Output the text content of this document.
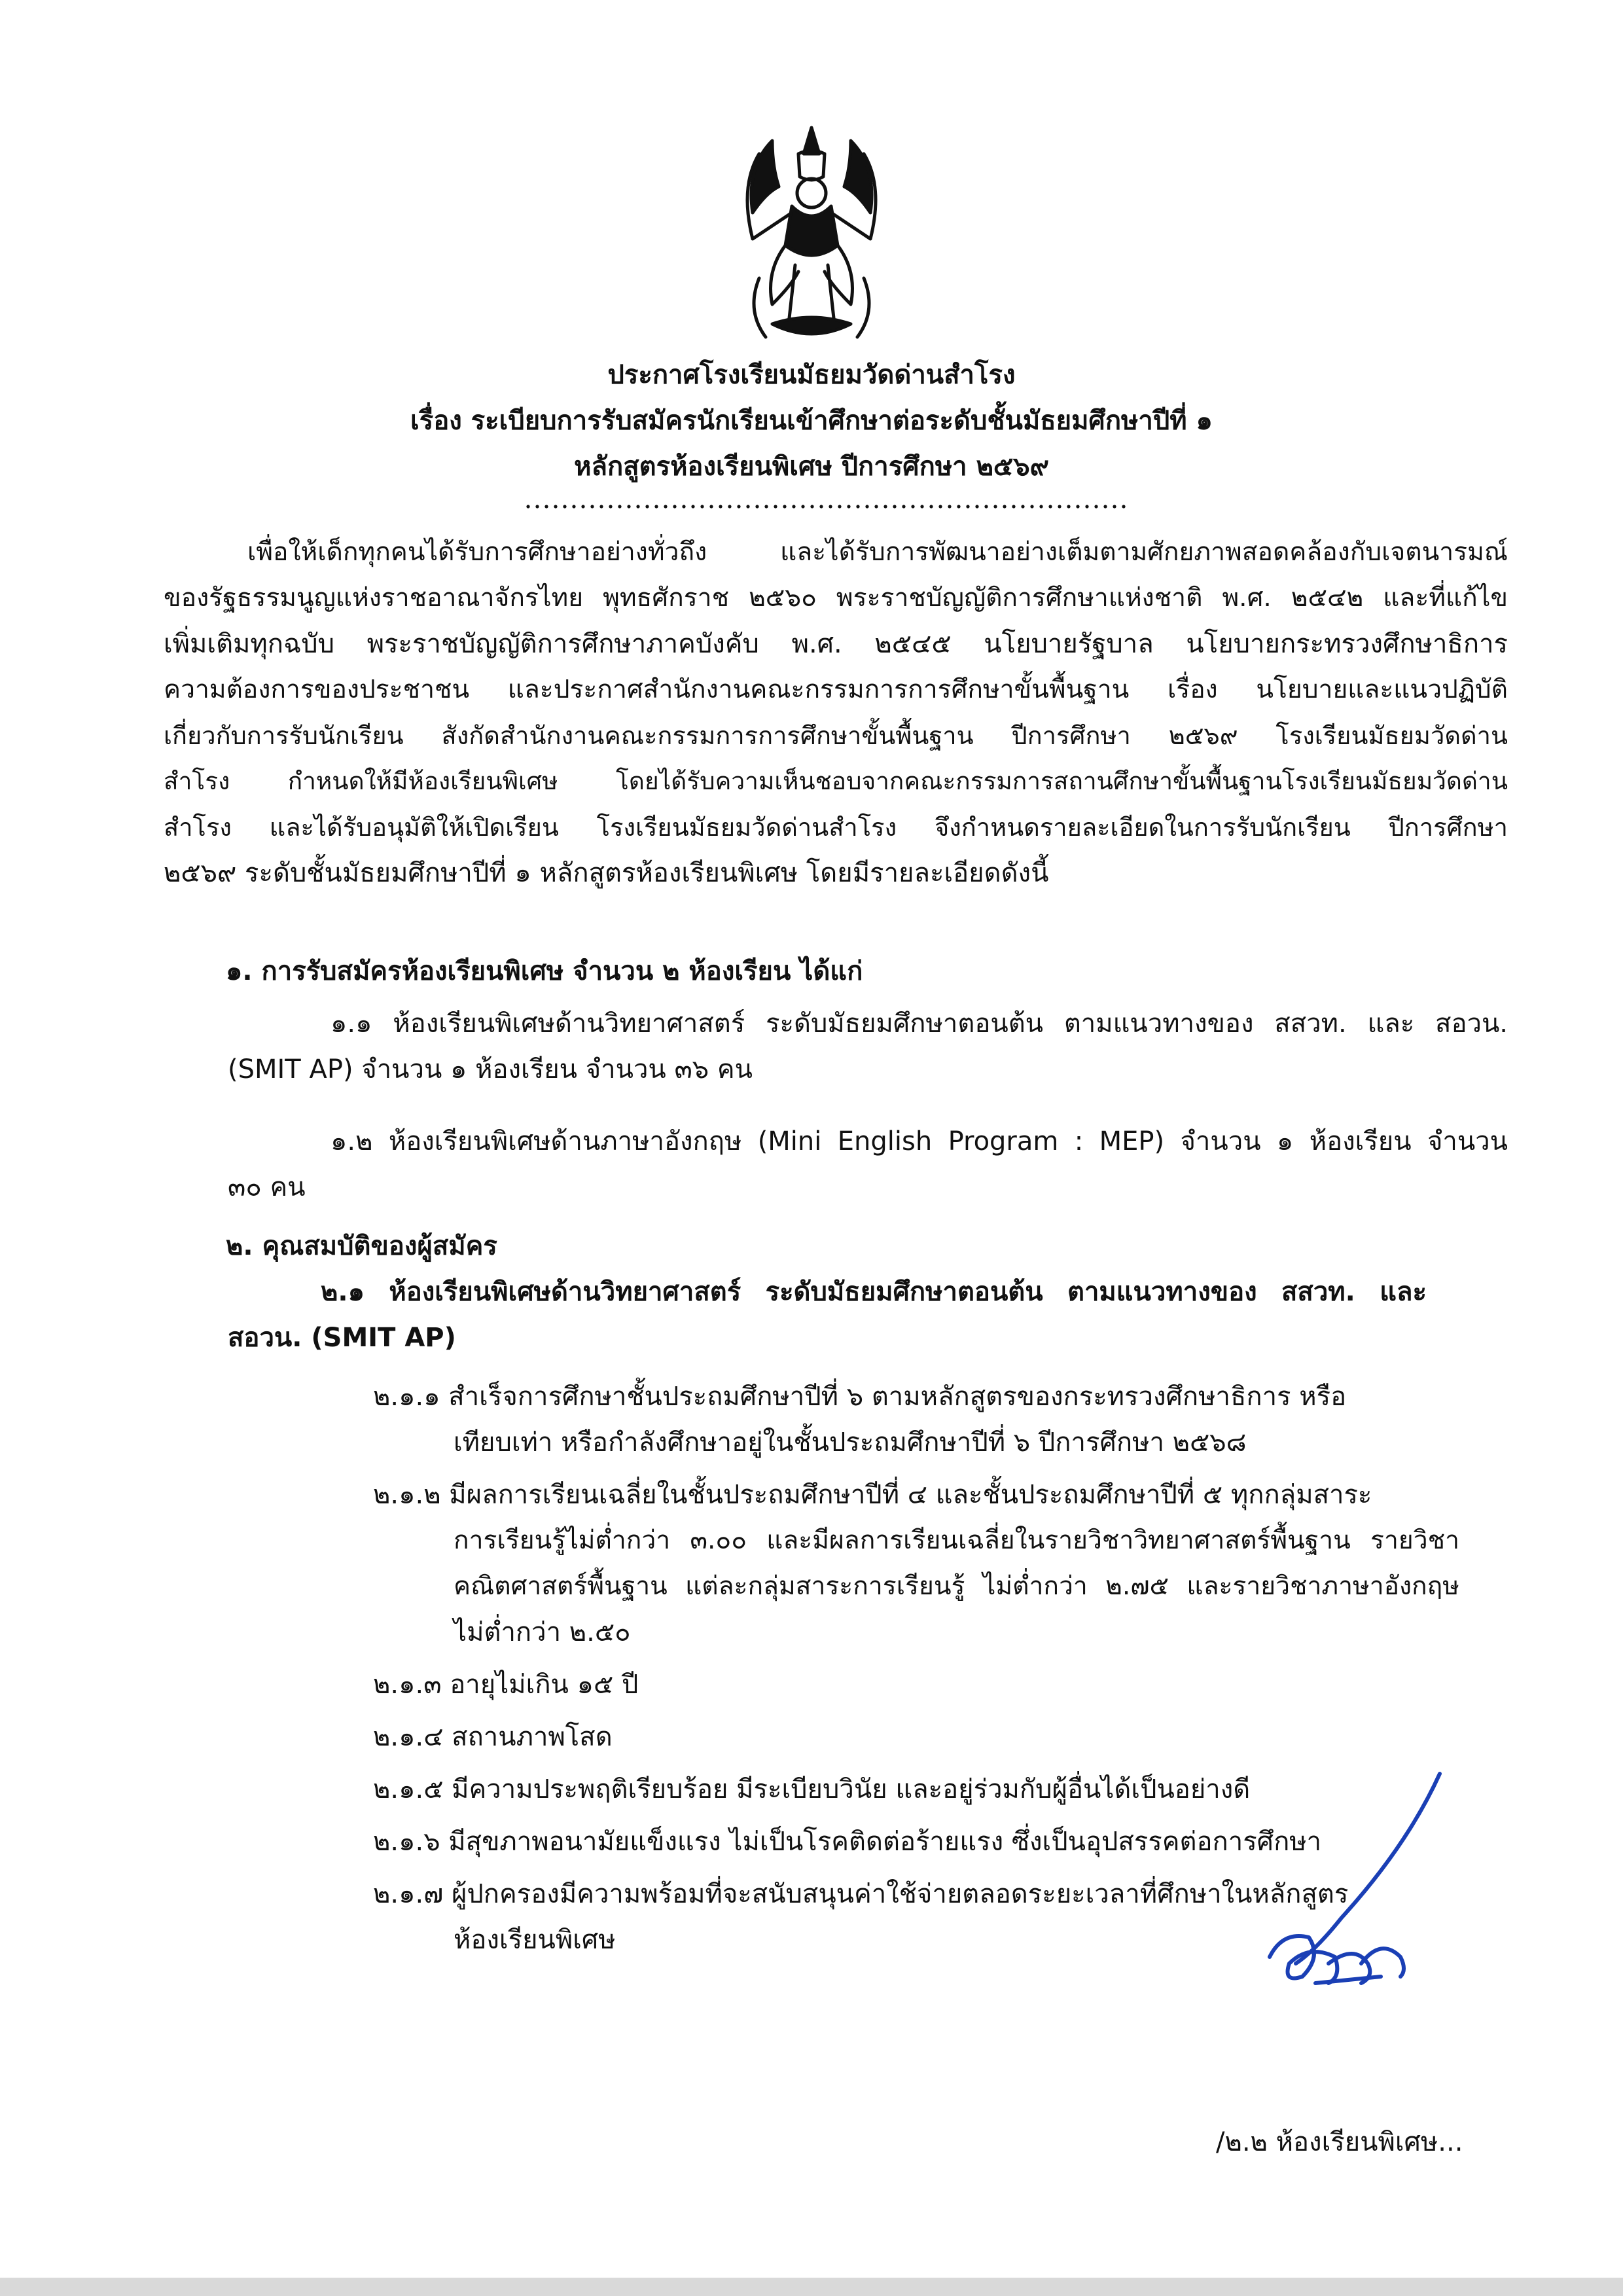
ประกาศโรงเรียนมัธยมวัดด่านสำโรง
เรื่อง ระเบียบการรับสมัครนักเรียนเข้าศึกษาต่อระดับชั้นมัธยมศึกษาปีที่ ๑
หลักสูตรห้องเรียนพิเศษ ปีการศึกษา ๒๕๖๙
เพื่อให้เด็กทุกคนได้รับการศึกษาอย่างทั่วถึง และได้รับการพัฒนาอย่างเต็มตามศักยภาพสอดคล้องกับเจตนารมณ์
ของรัฐธรรมนูญแห่งราชอาณาจักรไทย พุทธศักราช ๒๕๖๐ พระราชบัญญัติการศึกษาแห่งชาติ พ.ศ. ๒๕๔๒ และที่แก้ไข
เพิ่มเติมทุกฉบับ พระราชบัญญัติการศึกษาภาคบังคับ พ.ศ. ๒๕๔๕ นโยบายรัฐบาล นโยบายกระทรวงศึกษาธิการ
ความต้องการของประชาชน และประกาศสำนักงานคณะกรรมการการศึกษาขั้นพื้นฐาน เรื่อง นโยบายและแนวปฏิบัติ
เกี่ยวกับการรับนักเรียน สังกัดสำนักงานคณะกรรมการการศึกษาขั้นพื้นฐาน ปีการศึกษา ๒๕๖๙ โรงเรียนมัธยมวัดด่าน
สำโรง กำหนดให้มีห้องเรียนพิเศษ โดยได้รับความเห็นชอบจากคณะกรรมการสถานศึกษาขั้นพื้นฐานโรงเรียนมัธยมวัดด่าน
สำโรง และได้รับอนุมัติให้เปิดเรียน โรงเรียนมัธยมวัดด่านสำโรง จึงกำหนดรายละเอียดในการรับนักเรียน ปีการศึกษา
๒๕๖๙ ระดับชั้นมัธยมศึกษาปีที่ ๑ หลักสูตรห้องเรียนพิเศษ โดยมีรายละเอียดดังนี้
๑. การรับสมัครห้องเรียนพิเศษ จำนวน ๒ ห้องเรียน ได้แก่
๑.๑ ห้องเรียนพิเศษด้านวิทยาศาสตร์ ระดับมัธยมศึกษาตอนต้น ตามแนวทางของ สสวท. และ สอวน.
(SMIT AP) จำนวน ๑ ห้องเรียน จำนวน ๓๖ คน
๑.๒ ห้องเรียนพิเศษด้านภาษาอังกฤษ (Mini English Program : MEP) จำนวน ๑ ห้องเรียน จำนวน
๓๐ คน
๒. คุณสมบัติของผู้สมัคร
๒.๑ ห้องเรียนพิเศษด้านวิทยาศาสตร์ ระดับมัธยมศึกษาตอนต้น ตามแนวทางของ สสวท. และ
สอวน. (SMIT AP)
๒.๑.๑ สำเร็จการศึกษาชั้นประถมศึกษาปีที่ ๖ ตามหลักสูตรของกระทรวงศึกษาธิการ หรือ
เทียบเท่า หรือกำลังศึกษาอยู่ในชั้นประถมศึกษาปีที่ ๖ ปีการศึกษา ๒๕๖๘
๒.๑.๒ มีผลการเรียนเฉลี่ยในชั้นประถมศึกษาปีที่ ๔ และชั้นประถมศึกษาปีที่ ๕ ทุกกลุ่มสาระ
การเรียนรู้ไม่ต่ำกว่า ๓.๐๐ และมีผลการเรียนเฉลี่ยในรายวิชาวิทยาศาสตร์พื้นฐาน รายวิชา
คณิตศาสตร์พื้นฐาน แต่ละกลุ่มสาระการเรียนรู้ ไม่ต่ำกว่า ๒.๗๕ และรายวิชาภาษาอังกฤษ
ไม่ต่ำกว่า ๒.๕๐
๒.๑.๓ อายุไม่เกิน ๑๕ ปี
๒.๑.๔ สถานภาพโสด
๒.๑.๕ มีความประพฤติเรียบร้อย มีระเบียบวินัย และอยู่ร่วมกับผู้อื่นได้เป็นอย่างดี
๒.๑.๖ มีสุขภาพอนามัยแข็งแรง ไม่เป็นโรคติดต่อร้ายแรง ซึ่งเป็นอุปสรรคต่อการศึกษา
๒.๑.๗ ผู้ปกครองมีความพร้อมที่จะสนับสนุนค่าใช้จ่ายตลอดระยะเวลาที่ศึกษาในหลักสูตร
ห้องเรียนพิเศษ
/๒.๒ ห้องเรียนพิเศษ...
